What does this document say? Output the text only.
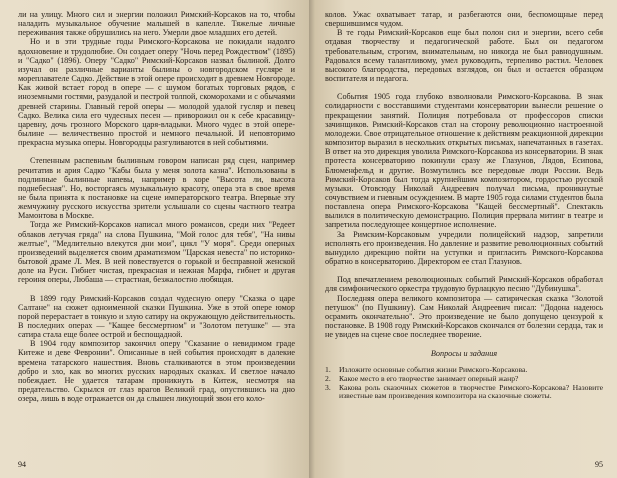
ли на улицу. Много сил и энергии положил Римский-Корсаков на то, чтобы наладить музыкальное обучение малышей в капелле. Тяжелые личные переживания также обрушились на него. Умерли двое младших его детей.

Но и в эти трудные годы Римского-Корсакова не покидали надолго вдохновение и трудолюбие. Он создает оперу "Ночь перед Рождеством" (1895) и "Садко" (1896). Оперу "Садко" Римский-Корсаков назвал былиной. Долго изучал он различные варианты былины о новгородском гусляре и мореплавателе Садко. Действие в этой опере происходит в древнем Новгороде. Как живой встает город в опере — с шумом богатых торговых рядов, с иноземными гостями, разудалой и пестрой толпой, скоморохами и с обычаями древней старины. Главный герой оперы — молодой удалой гусляр и певец Садко. Велика сила его чудесных песен — приворожил он к себе красавицу-царевну, дочь грозного Морского царя-владыки. Много чудес в этой опере-былине — величественно простой и немного печальной. И неповторимо прекрасна музыка оперы. Новгородцы разгуливаются в ней событиями.

Степенным распевным былинным говором написан ряд сцен, например речитатив и ария Садко "Кабы была у меня золота казна". Использованы в подлинные былинные напевы, например в хоре "Высота ли, высота поднебесная". Но, восторгаясь музыкальную красоту, опера эта в свое время не была принята к постановке на сцене императорского театра. Впервые эту жемчужину русского искусства зрители услышали со сцены частного театра Мамонтова в Москве.

Тогда же Римский-Корсаков написал много романсов, среди них "Редеет облаков летучая гряда" на слова Пушкина, "Мой голос для тебя", "На нивы желтые", "Медлительно влекутся дни мои", цикл "У моря". Среди оперных произведений выделяется своим драматизмом "Царская невеста" по историко-бытовой драме Л. Мея. В ней повествуется о горькой и бесправной женской доле на Руси. Гибнет чистая, прекрасная и нежная Марфа, гибнет и другая героиня оперы, Любаша — страстная, безжалостно любящая.

В 1899 году Римский-Корсаков создал чудесную оперу "Сказка о царе Салтане" на сюжет одноименной сказки Пушкина. Уже в этой опере юмор порой перерастает в тонкую и злую сатиру на окружающую действительность. В последних операх — "Кащее бессмертном" и "Золотом петушке" — эта сатира стала еще более острой и беспощадной.

В 1904 году композитор закончил оперу "Сказание о невидимом граде Китеже и деве Февронии". Описанные в ней события происходят в далекие времена татарского нашествия. Вновь сталкиваются в этом произведении добро и зло, как во многих русских народных сказках. И светлое начало побеждает. Не удается татарам проникнуть в Китеж, несмотря на предательство. Скрылся от глаз врагов Великий град, опустившись на дно озера, лишь в воде отражается он да слышен ликующий звон его коло-

94

колов. Ужас охватывает татар, и разбегаются они, беспомощные перед свершившимся чудом.

В те годы Римский-Корсаков еще был полон сил и энергии, всего себя отдавая творчеству и педагогической работе. Был он педагогом требовательным, строгим, внимательным, но никогда не был равнодушным. Радовался всему талантливому, умел руководить, терпеливо растил. Человек высокого благородства, передовых взглядов, он был и остается образцом воспитателя и педагога.

События 1905 года глубоко взволновали Римского-Корсакова. В знак солидарности с восставшими студентами консерватории вынесли решение о прекращении занятий. Полиция потребовала от профессоров списки зачинщиков. Римский-Корсаков стал на сторону революционно настроенной молодежи. Свое отрицательное отношение к действиям реакционной дирекции композитор выразил в нескольких открытых письмах, напечатанных в газетах. В ответ на это дирекция уволила Римского-Корсакова из консерватории. В знак протеста консерваторию покинули сразу же Глазунов, Лядов, Есипова, Блюменфельд и другие. Возмутились все передовые люди России. Ведь Римский-Корсаков был тогда крупнейшим композитором, гордостью русской музыки. Отовсюду Николай Андреевич получал письма, проникнутые сочувствием и гневным осуждением. В марте 1905 года силами студентов была поставлена опера Римского-Корсакова "Кащей бессмертный". Спектакль вылился в политическую демонстрацию. Полиция прервала митинг в театре и запретила последующее концертное исполнение.

За Римским-Корсаковым учредили полицейский надзор, запретили исполнять его произведения. Но давление и развитие революционных событий вынудило дирекцию пойти на уступки и пригласить Римского-Корсакова обратно в консерваторию. Директором ее стал Глазунов.

Под впечатлением революционных событий Римский-Корсаков обработал для симфонического оркестра трудовую бурлацкую песню "Дубинушка".

Последняя опера великого композитора — сатирическая сказка "Золотой петушок" (по Пушкину). Сам Николай Андреевич писал: "Додона надеюсь осрамить окончательно". Это произведение не было допущено цензурой к постановке. В 1908 году Римский-Корсаков скончался от болезни сердца, так и не увидев на сцене свое последнее творение.

Вопросы и задания
1.	Изложите основные события жизни Римского-Корсакова.
2.	Какое место в его творчестве занимает оперный жанр?
3.	Какова роль сказочных сюжетов в творчестве Римского-Корсакова? Назовите известные вам произведения композитора на сказочные сюжеты.
95
